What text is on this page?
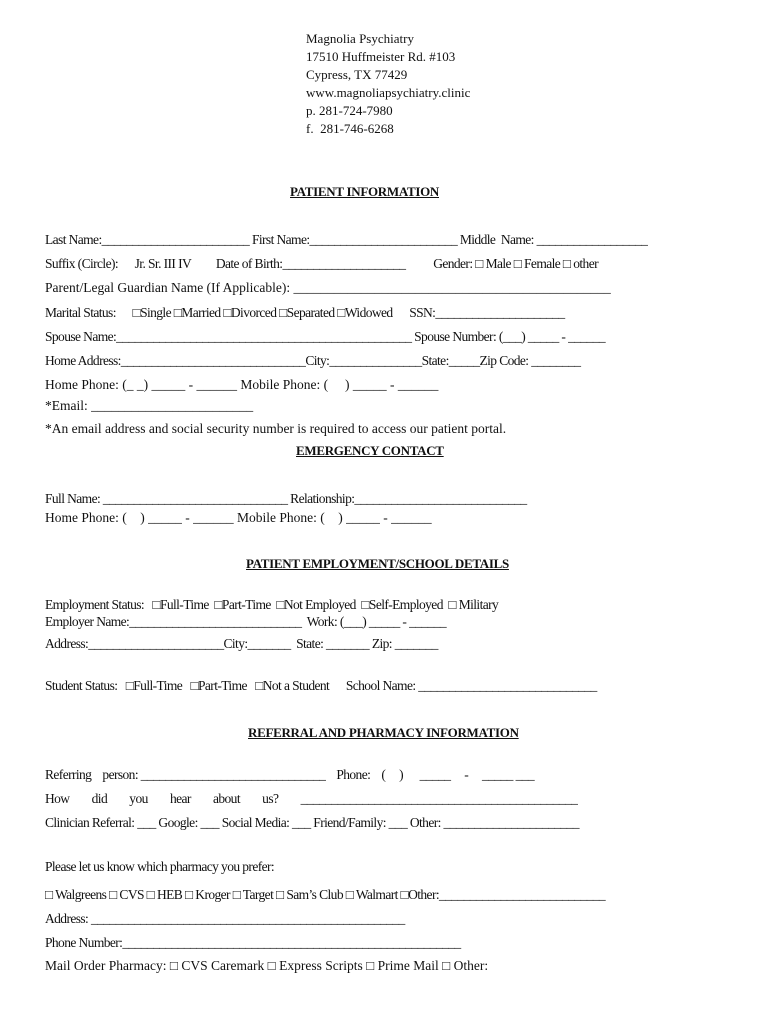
Magnolia Psychiatry
17510 Huffmeister Rd. #103
Cypress, TX 77429
www.magnoliapsychiatry.clinic
p. 281-724-7980
f.  281-746-6268
PATIENT INFORMATION
Last Name:________________________ First Name:________________________ Middle  Name: __________________
Suffix (Circle):      Jr. Sr. III IV         Date of Birth:____________________          Gender: □ Male □ Female □ other
Parent/Legal Guardian Name (If Applicable): _______________________________________________
Marital Status:      □Single □Married □Divorced □Separated □Widowed      SSN:_____________________
Spouse Name:________________________________________________ Spouse Number: (___) _____ - ______
Home Address:______________________________City:_______________State:_____Zip Code: ________
Home Phone: (_ _) _____ - ______ Mobile Phone: (     ) _____ - ______
*Email: ________________________
*An email address and social security number is required to access our patient portal.
EMERGENCY CONTACT
Full Name: ______________________________ Relationship:____________________________
Home Phone: (    ) _____ - ______ Mobile Phone: (    ) _____ - ______
PATIENT EMPLOYMENT/SCHOOL DETAILS
Employment Status:   □Full-Time  □Part-Time  □Not Employed  □Self-Employed  □ Military
Employer Name:____________________________  Work: (___) _____ - ______
Address:______________________City:_______  State: _______ Zip: _______
Student Status:   □Full-Time   □Part-Time   □Not a Student      School Name: _____________________________
REFERRAL AND PHARMACY INFORMATION
Referring    person: ______________________________    Phone:    (     )      _____     -     _____ ___
How        did        you        hear        about        us?        _____________________________________________
Clinician Referral: ___ Google: ___ Social Media: ___ Friend/Family: ___ Other: ______________________
Please let us know which pharmacy you prefer:
□ Walgreens □ CVS □ HEB □ Kroger □ Target □ Sam’s Club □ Walmart □Other:___________________________
Address: ___________________________________________________
Phone Number:_______________________________________________________
Mail Order Pharmacy: □ CVS Caremark □ Express Scripts □ Prime Mail □ Other:
